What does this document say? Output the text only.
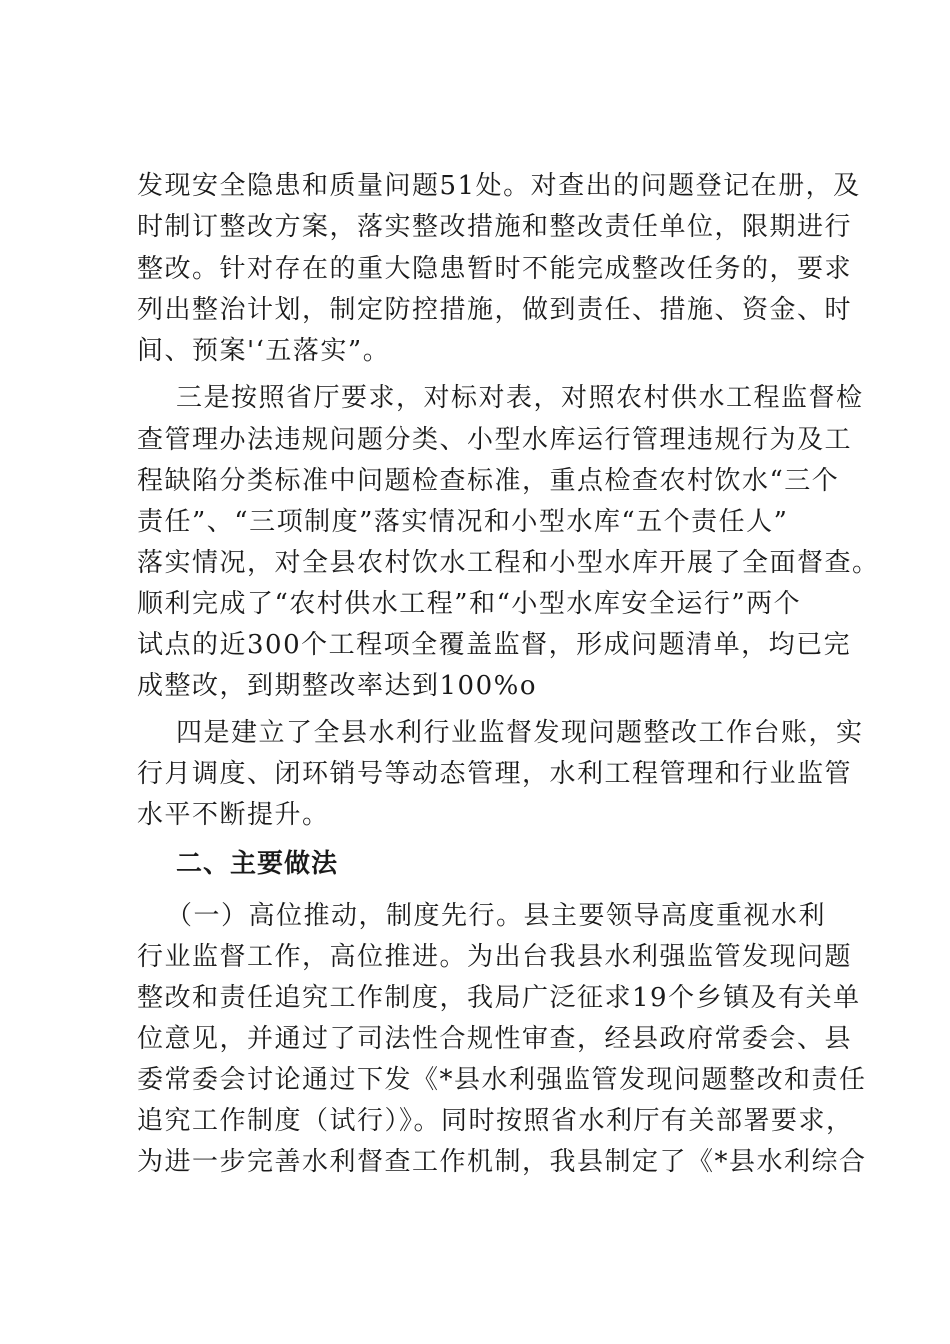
发现安全隐患和质量问题51处。对查出的问题登记在册，及
时制订整改方案，落实整改措施和整改责任单位，限期进行
整改。针对存在的重大隐患暂时不能完成整改任务的，要求
列出整治计划，制定防控措施，做到责任、措施、资金、时
间、预案'‘五落实”。
三是按照省厅要求，对标对表，对照农村供水工程监督检
查管理办法违规问题分类、小型水库运行管理违规行为及工
程缺陷分类标准中问题检查标准，重点检查农村饮水“三个
责任”、“三项制度”落实情况和小型水库“五个责任人”
落实情况，对全县农村饮水工程和小型水库开展了全面督查。
顺利完成了“农村供水工程”和“小型水库安全运行”两个
试点的近300个工程项全覆盖监督，形成问题清单，均已完
成整改，到期整改率达到100%o
四是建立了全县水利行业监督发现问题整改工作台账，实
行月调度、闭环销号等动态管理，水利工程管理和行业监管
水平不断提升。
二、主要做法
（一）高位推动，制度先行。县主要领导高度重视水利
行业监督工作，高位推进。为出台我县水利强监管发现问题
整改和责任追究工作制度，我局广泛征求19个乡镇及有关单
位意见，并通过了司法性合规性审查，经县政府常委会、县
委常委会讨论通过下发《*县水利强监管发现问题整改和责任
追究工作制度（试行）》。同时按照省水利厅有关部署要求，
为进一步完善水利督查工作机制，我县制定了《*县水利综合
